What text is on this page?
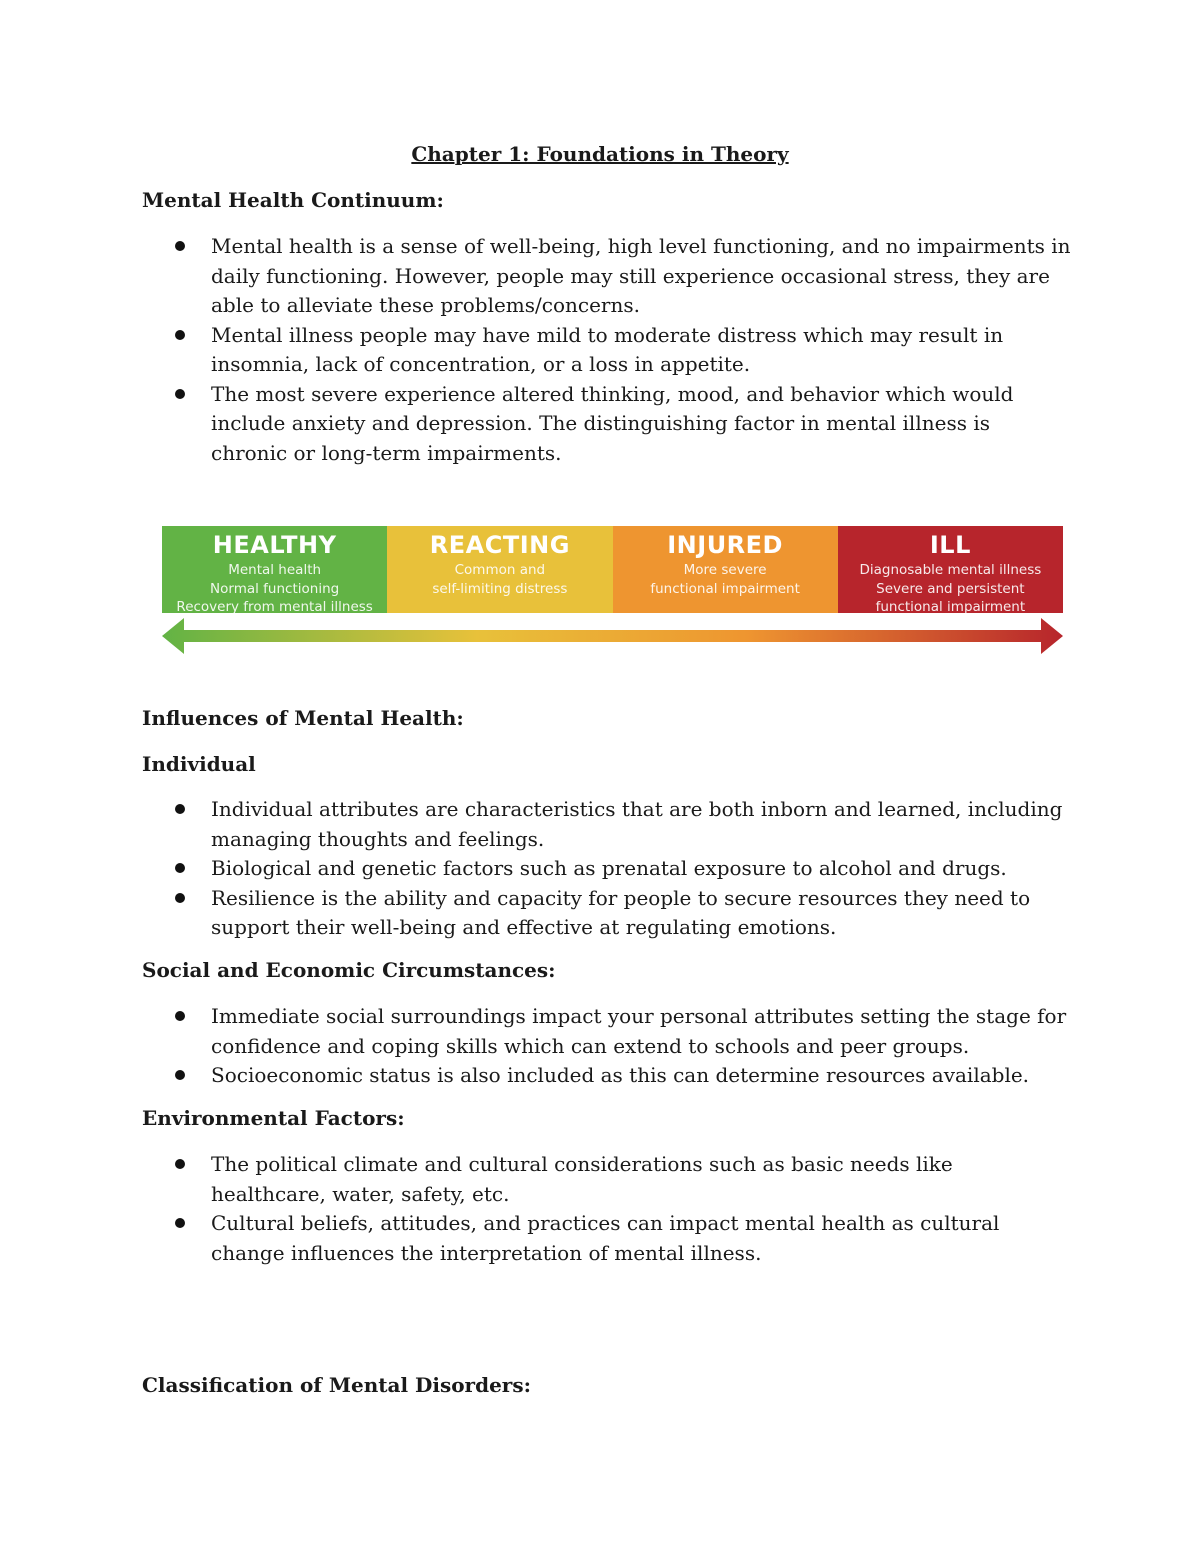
Chapter 1: Foundations in Theory
Mental Health Continuum:
Mental health is a sense of well-being, high level functioning, and no impairments in daily functioning. However, people may still experience occasional stress, they are able to alleviate these problems/concerns.
Mental illness people may have mild to moderate distress which may result in insomnia, lack of concentration, or a loss in appetite.
The most severe experience altered thinking, mood, and behavior which would include anxiety and depression. The distinguishing factor in mental illness is chronic or long-term impairments.
HEALTHY
Mental health
Normal functioning
Recovery from mental illness
REACTING
Common and
self-limiting distress
INJURED
More severe
functional impairment
ILL
Diagnosable mental illness
Severe and persistent
functional impairment
Influences of Mental Health:
Individual
Individual attributes are characteristics that are both inborn and learned, including managing thoughts and feelings.
Biological and genetic factors such as prenatal exposure to alcohol and drugs.
Resilience is the ability and capacity for people to secure resources they need to support their well-being and effective at regulating emotions.
Social and Economic Circumstances:
Immediate social surroundings impact your personal attributes setting the stage for confidence and coping skills which can extend to schools and peer groups.
Socioeconomic status is also included as this can determine resources available.
Environmental Factors:
The political climate and cultural considerations such as basic needs like healthcare, water, safety, etc.
Cultural beliefs, attitudes, and practices can impact mental health as cultural change influences the interpretation of mental illness.
Classification of Mental Disorders:
